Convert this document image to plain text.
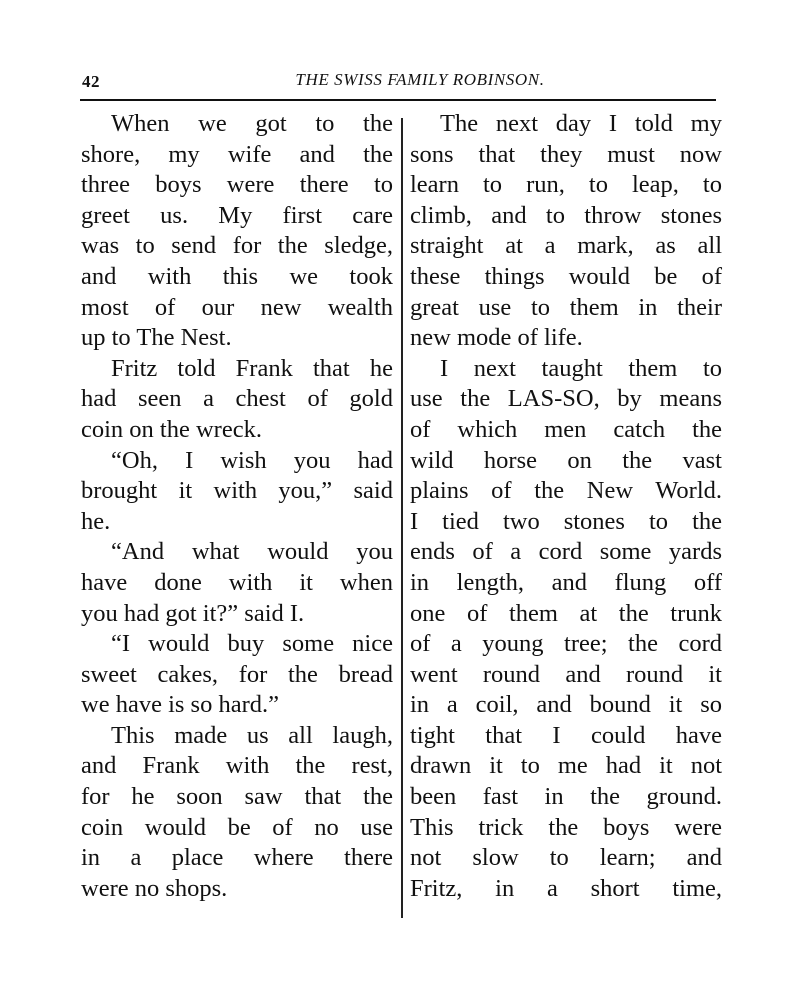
42	THE SWISS FAMILY ROBINSON.
When we got to the
shore, my wife and the
three boys were there to
greet us. My first care
was to send for the sledge,
and with this we took
most of our new wealth
up to The Nest.
Fritz told Frank that he
had seen a chest of gold
coin on the wreck.
“Oh, I wish you had
brought it with you,” said
he.
“And what would you
have done with it when
you had got it?” said I.
“I would buy some nice
sweet cakes, for the bread
we have is so hard.”
This made us all laugh,
and Frank with the rest,
for he soon saw that the
coin would be of no use
in a place where there
were no shops.
The next day I told my
sons that they must now
learn to run, to leap, to
climb, and to throw stones
straight at a mark, as all
these things would be of
great use to them in their
new mode of life.
I next taught them to
use the LAS-SO, by means
of which men catch the
wild horse on the vast
plains of the New World.
I tied two stones to the
ends of a cord some yards
in length, and flung off
one of them at the trunk
of a young tree; the cord
went round and round it
in a coil, and bound it so
tight that I could have
drawn it to me had it not
been fast in the ground.
This trick the boys were
not slow to learn; and
Fritz, in a short time,
